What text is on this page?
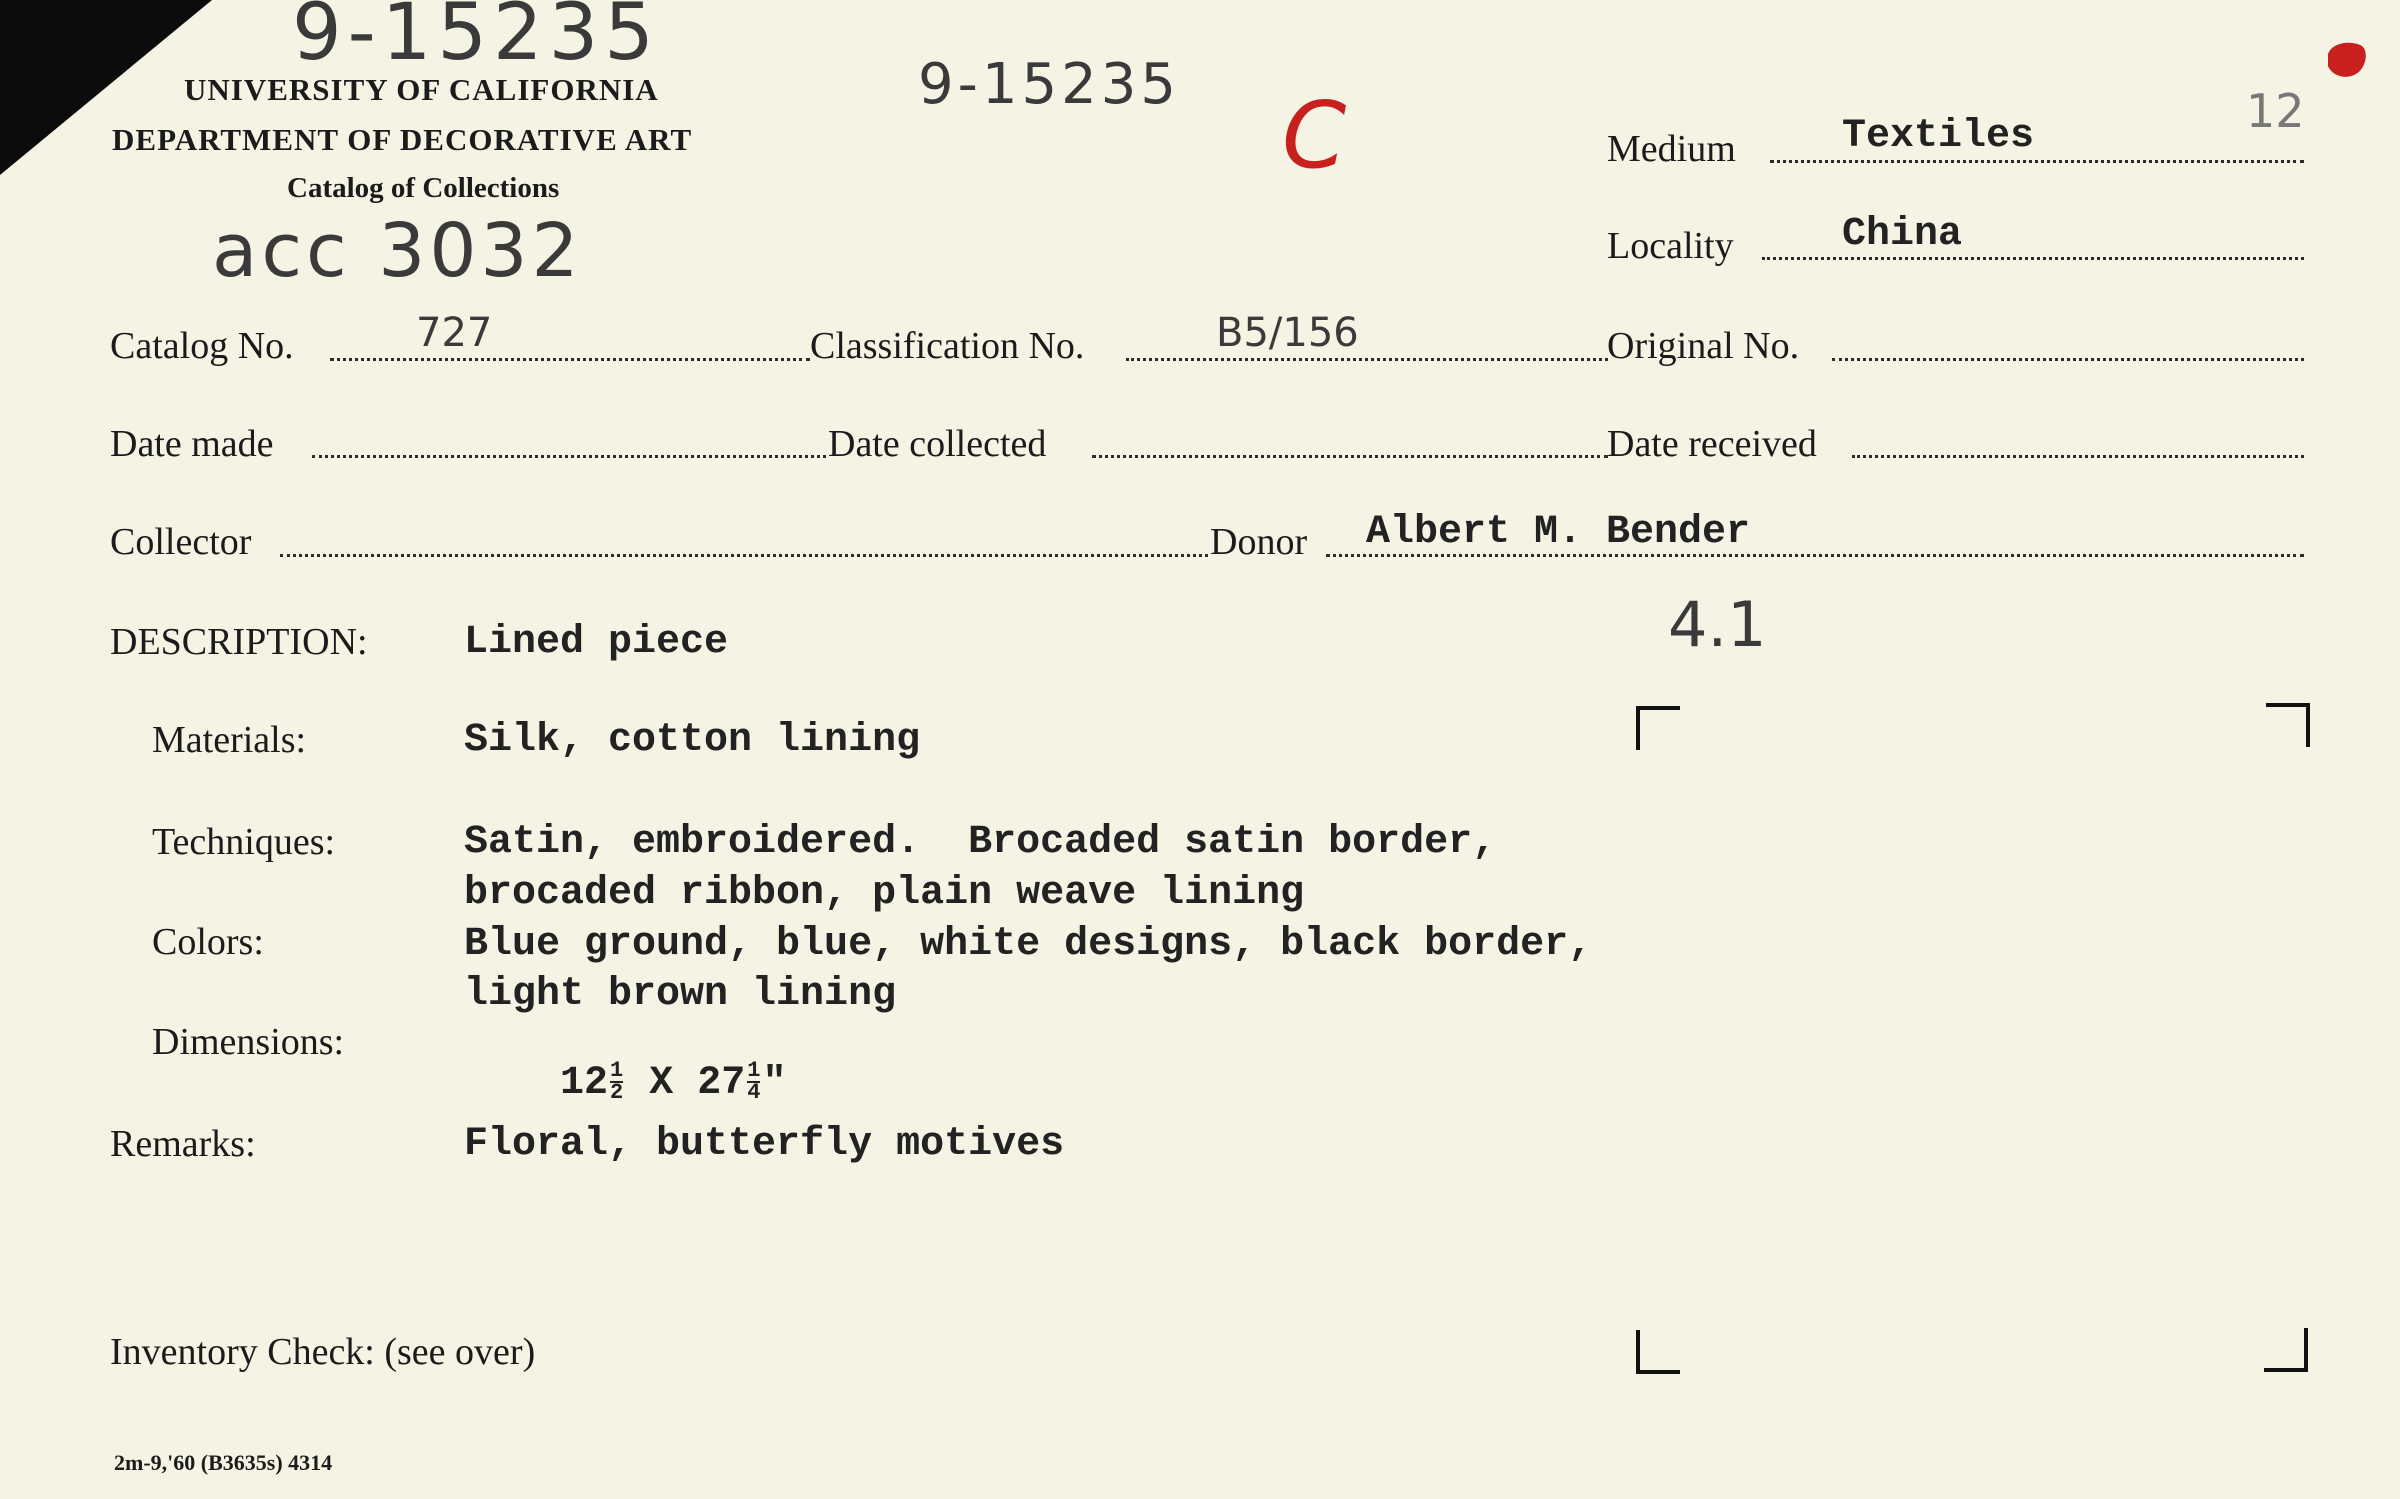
9-15235
9-15235 C
acc 3032
12
4.1
UNIVERSITY OF CALIFORNIA
DEPARTMENT OF DECORATIVE ART
Catalog of Collections
Medium	Textiles
Locality	China
Catalog No.	727	Classification No.	B5/156	Original No.
Date made	Date collected	Date received
Collector	Donor Albert M. Bender
DESCRIPTION: Lined piece
Materials:	Silk, cotton lining
Techniques:	Satin, embroidered.  Brocaded satin border,
brocaded ribbon, plain weave lining
Colors:	Blue ground, blue, white designs, black border,
light brown lining
Dimensions:

$12 \frac{1}{2}$ X $27 \frac{1}{4}$ "

Remarks:	Floral, butterfly motives
Inventory Check: (see over)
2m-9,'60 (B3635s) 4314
